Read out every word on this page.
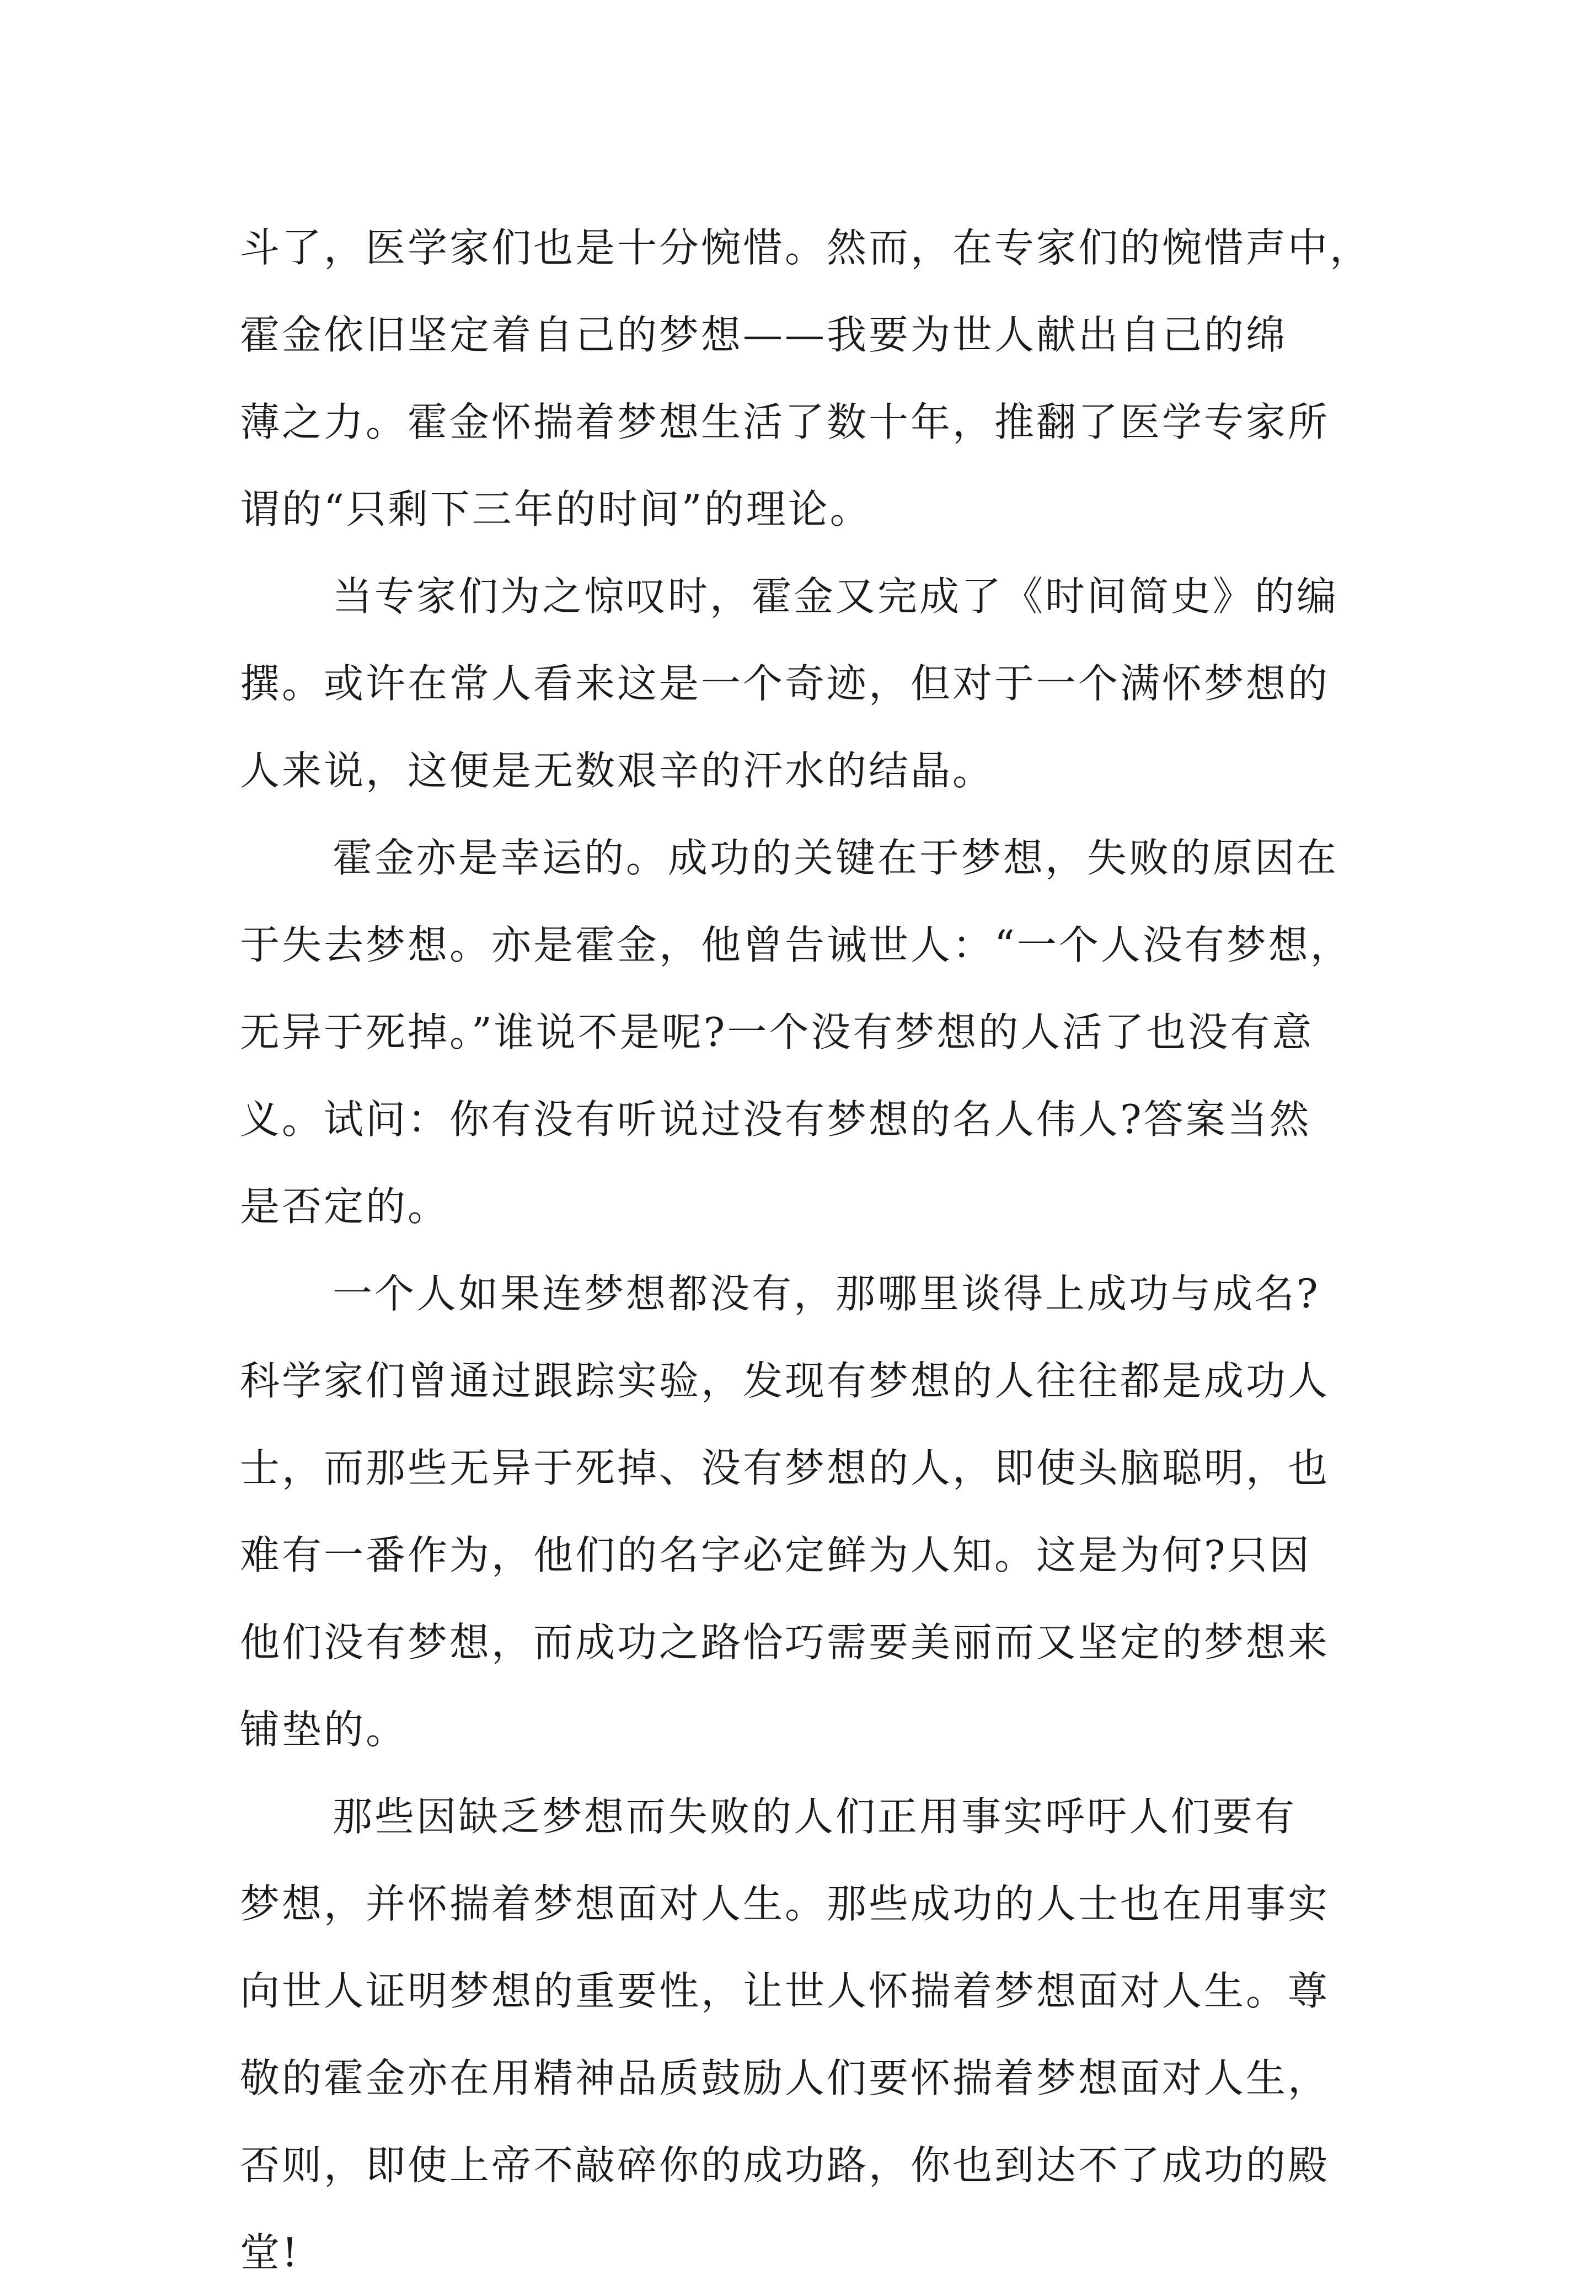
斗了，医学家们也是十分惋惜。然而，在专家们的惋惜声中，
霍金依旧坚定着自己的梦想——我要为世人献出自己的绵
薄之力。霍金怀揣着梦想生活了数十年，推翻了医学专家所
谓的“只剩下三年的时间”的理论。
当专家们为之惊叹时，霍金又完成了《时间简史》的编
撰。或许在常人看来这是一个奇迹，但对于一个满怀梦想的
人来说，这便是无数艰辛的汗水的结晶。
霍金亦是幸运的。成功的关键在于梦想，失败的原因在
于失去梦想。亦是霍金，他曾告诫世人：“一个人没有梦想，
无异于死掉。”谁说不是呢?一个没有梦想的人活了也没有意
义。试问：你有没有听说过没有梦想的名人伟人?答案当然
是否定的。
一个人如果连梦想都没有，那哪里谈得上成功与成名?
科学家们曾通过跟踪实验，发现有梦想的人往往都是成功人
士，而那些无异于死掉、没有梦想的人，即使头脑聪明，也
难有一番作为，他们的名字必定鲜为人知。这是为何?只因
他们没有梦想，而成功之路恰巧需要美丽而又坚定的梦想来
铺垫的。
那些因缺乏梦想而失败的人们正用事实呼吁人们要有
梦想，并怀揣着梦想面对人生。那些成功的人士也在用事实
向世人证明梦想的重要性，让世人怀揣着梦想面对人生。尊
敬的霍金亦在用精神品质鼓励人们要怀揣着梦想面对人生，
否则，即使上帝不敲碎你的成功路，你也到达不了成功的殿
堂!
